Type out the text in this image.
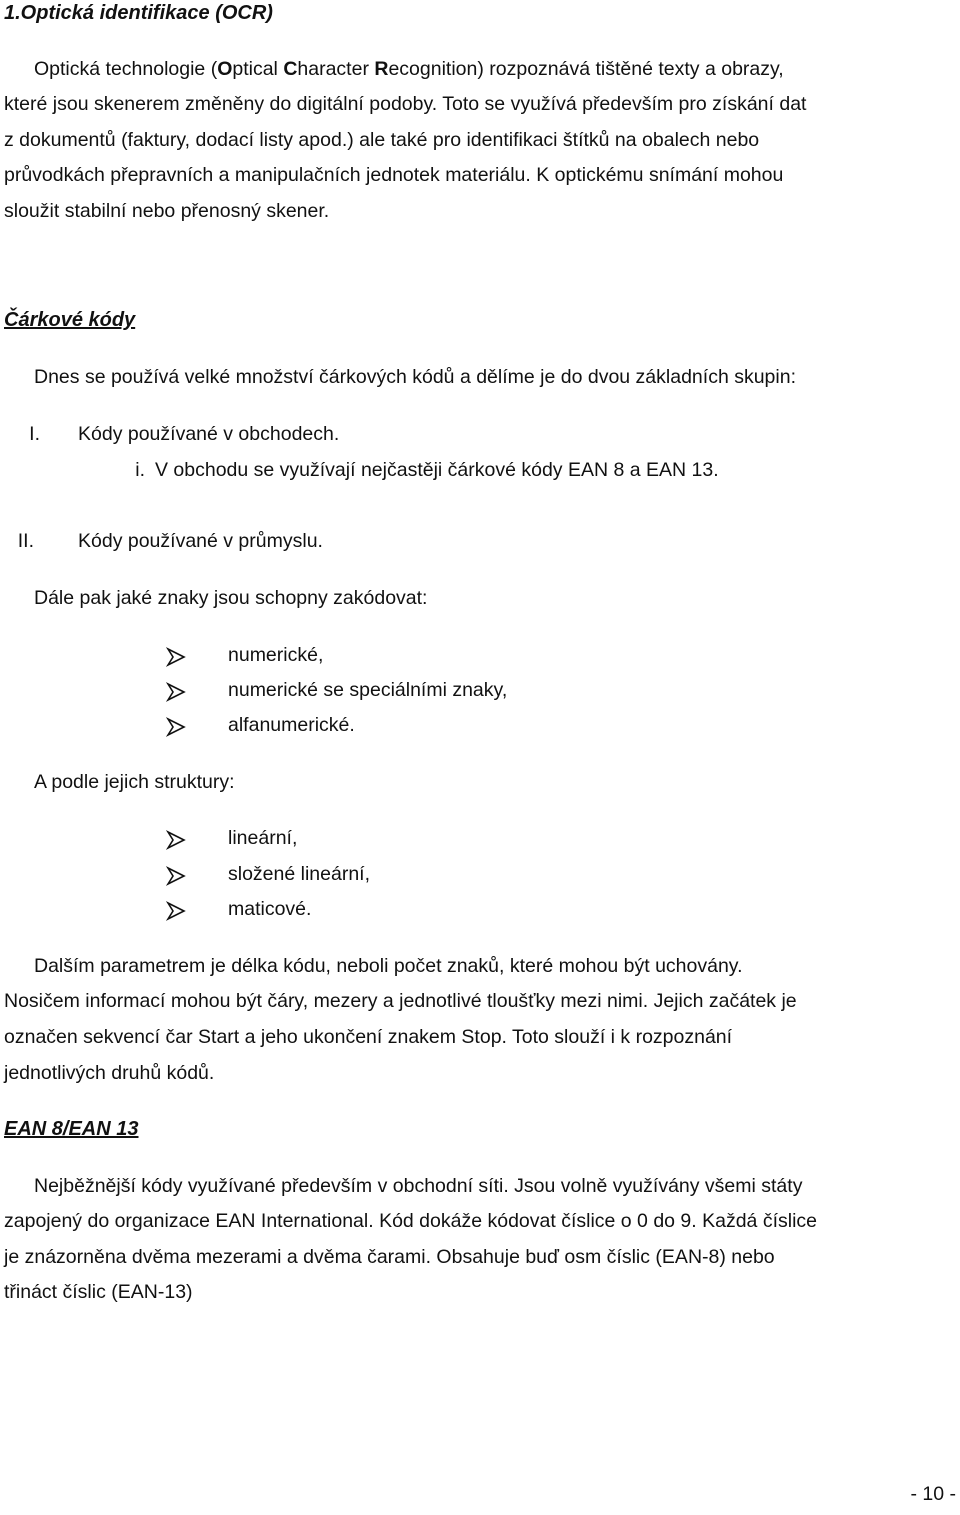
1.Optická identifikace (OCR)
Optická technologie (Optical Character Recognition) rozpoznává tištěné texty a obrazy,
které jsou skenerem změněny do digitální podoby. Toto se využívá především pro získání dat
z dokumentů (faktury, dodací listy apod.) ale také pro identifikaci štítků na obalech nebo
průvodkách přepravních a manipulačních jednotek materiálu. K optickému snímání mohou
sloužit stabilní nebo přenosný skener.
Čárkové kódy
Dnes se používá velké množství čárkových kódů a dělíme je do dvou základních skupin:
I. Kódy používané v obchodech.
i. V obchodu se využívají nejčastěji čárkové kódy EAN 8 a EAN 13.
II. Kódy používané v průmyslu.
Dále pak jaké znaky jsou schopny zakódovat:
numerické,
numerické se speciálními znaky,
alfanumerické.
A podle jejich struktury:
lineární,
složené lineární,
maticové.
Dalším parametrem je délka kódu, neboli počet znaků, které mohou být uchovány.
Nosičem informací mohou být čáry, mezery a jednotlivé tloušťky mezi nimi. Jejich začátek je
označen sekvencí čar Start a jeho ukončení znakem Stop. Toto slouží i k rozpoznání
jednotlivých druhů kódů.
EAN 8/EAN 13
Nejběžnější kódy využívané především v obchodní síti. Jsou volně využívány všemi státy
zapojený do organizace EAN International. Kód dokáže kódovat číslice o 0 do 9. Každá číslice
je znázorněna dvěma mezerami a dvěma čarami. Obsahuje buď osm číslic (EAN-8) nebo
třináct číslic (EAN-13)
- 10 -
